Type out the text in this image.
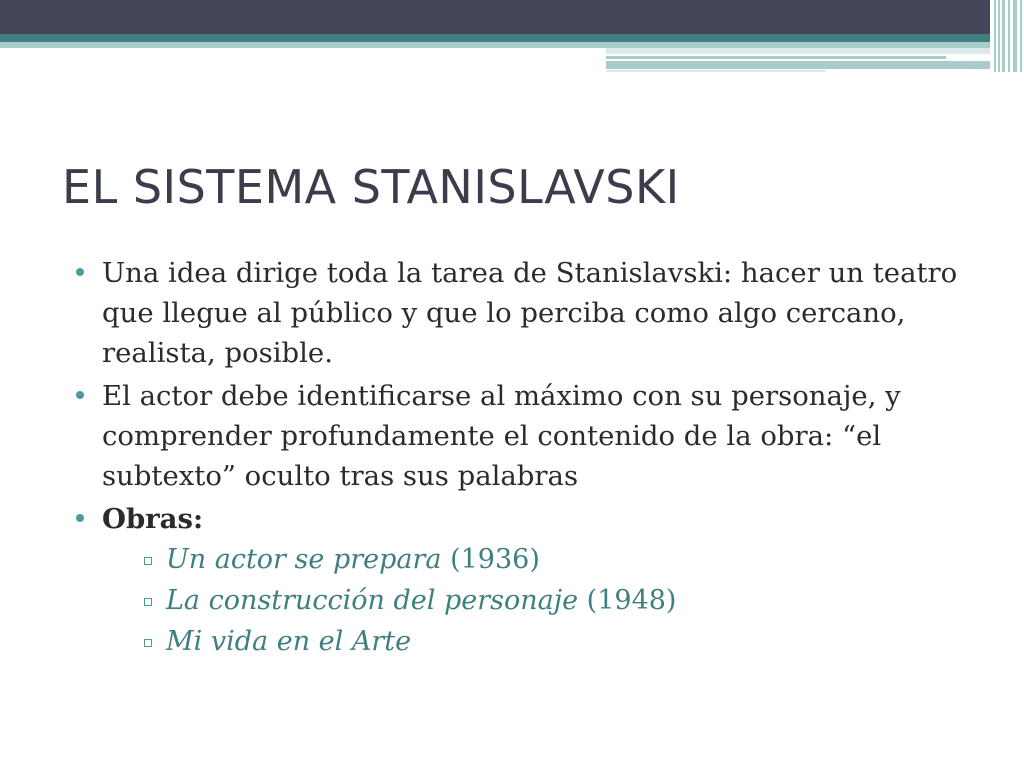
EL SISTEMA STANISLAVSKI
Una idea dirige toda la tarea de Stanislavski: hacer un teatro que llegue al público y que lo perciba como algo cercano, realista, posible.
El actor debe identificarse al máximo con su personaje, y comprender profundamente el contenido de la obra: “el subtexto” oculto tras sus palabras
Obras:
Un actor se prepara (1936)
La construcción del personaje (1948)
Mi vida en el Arte
